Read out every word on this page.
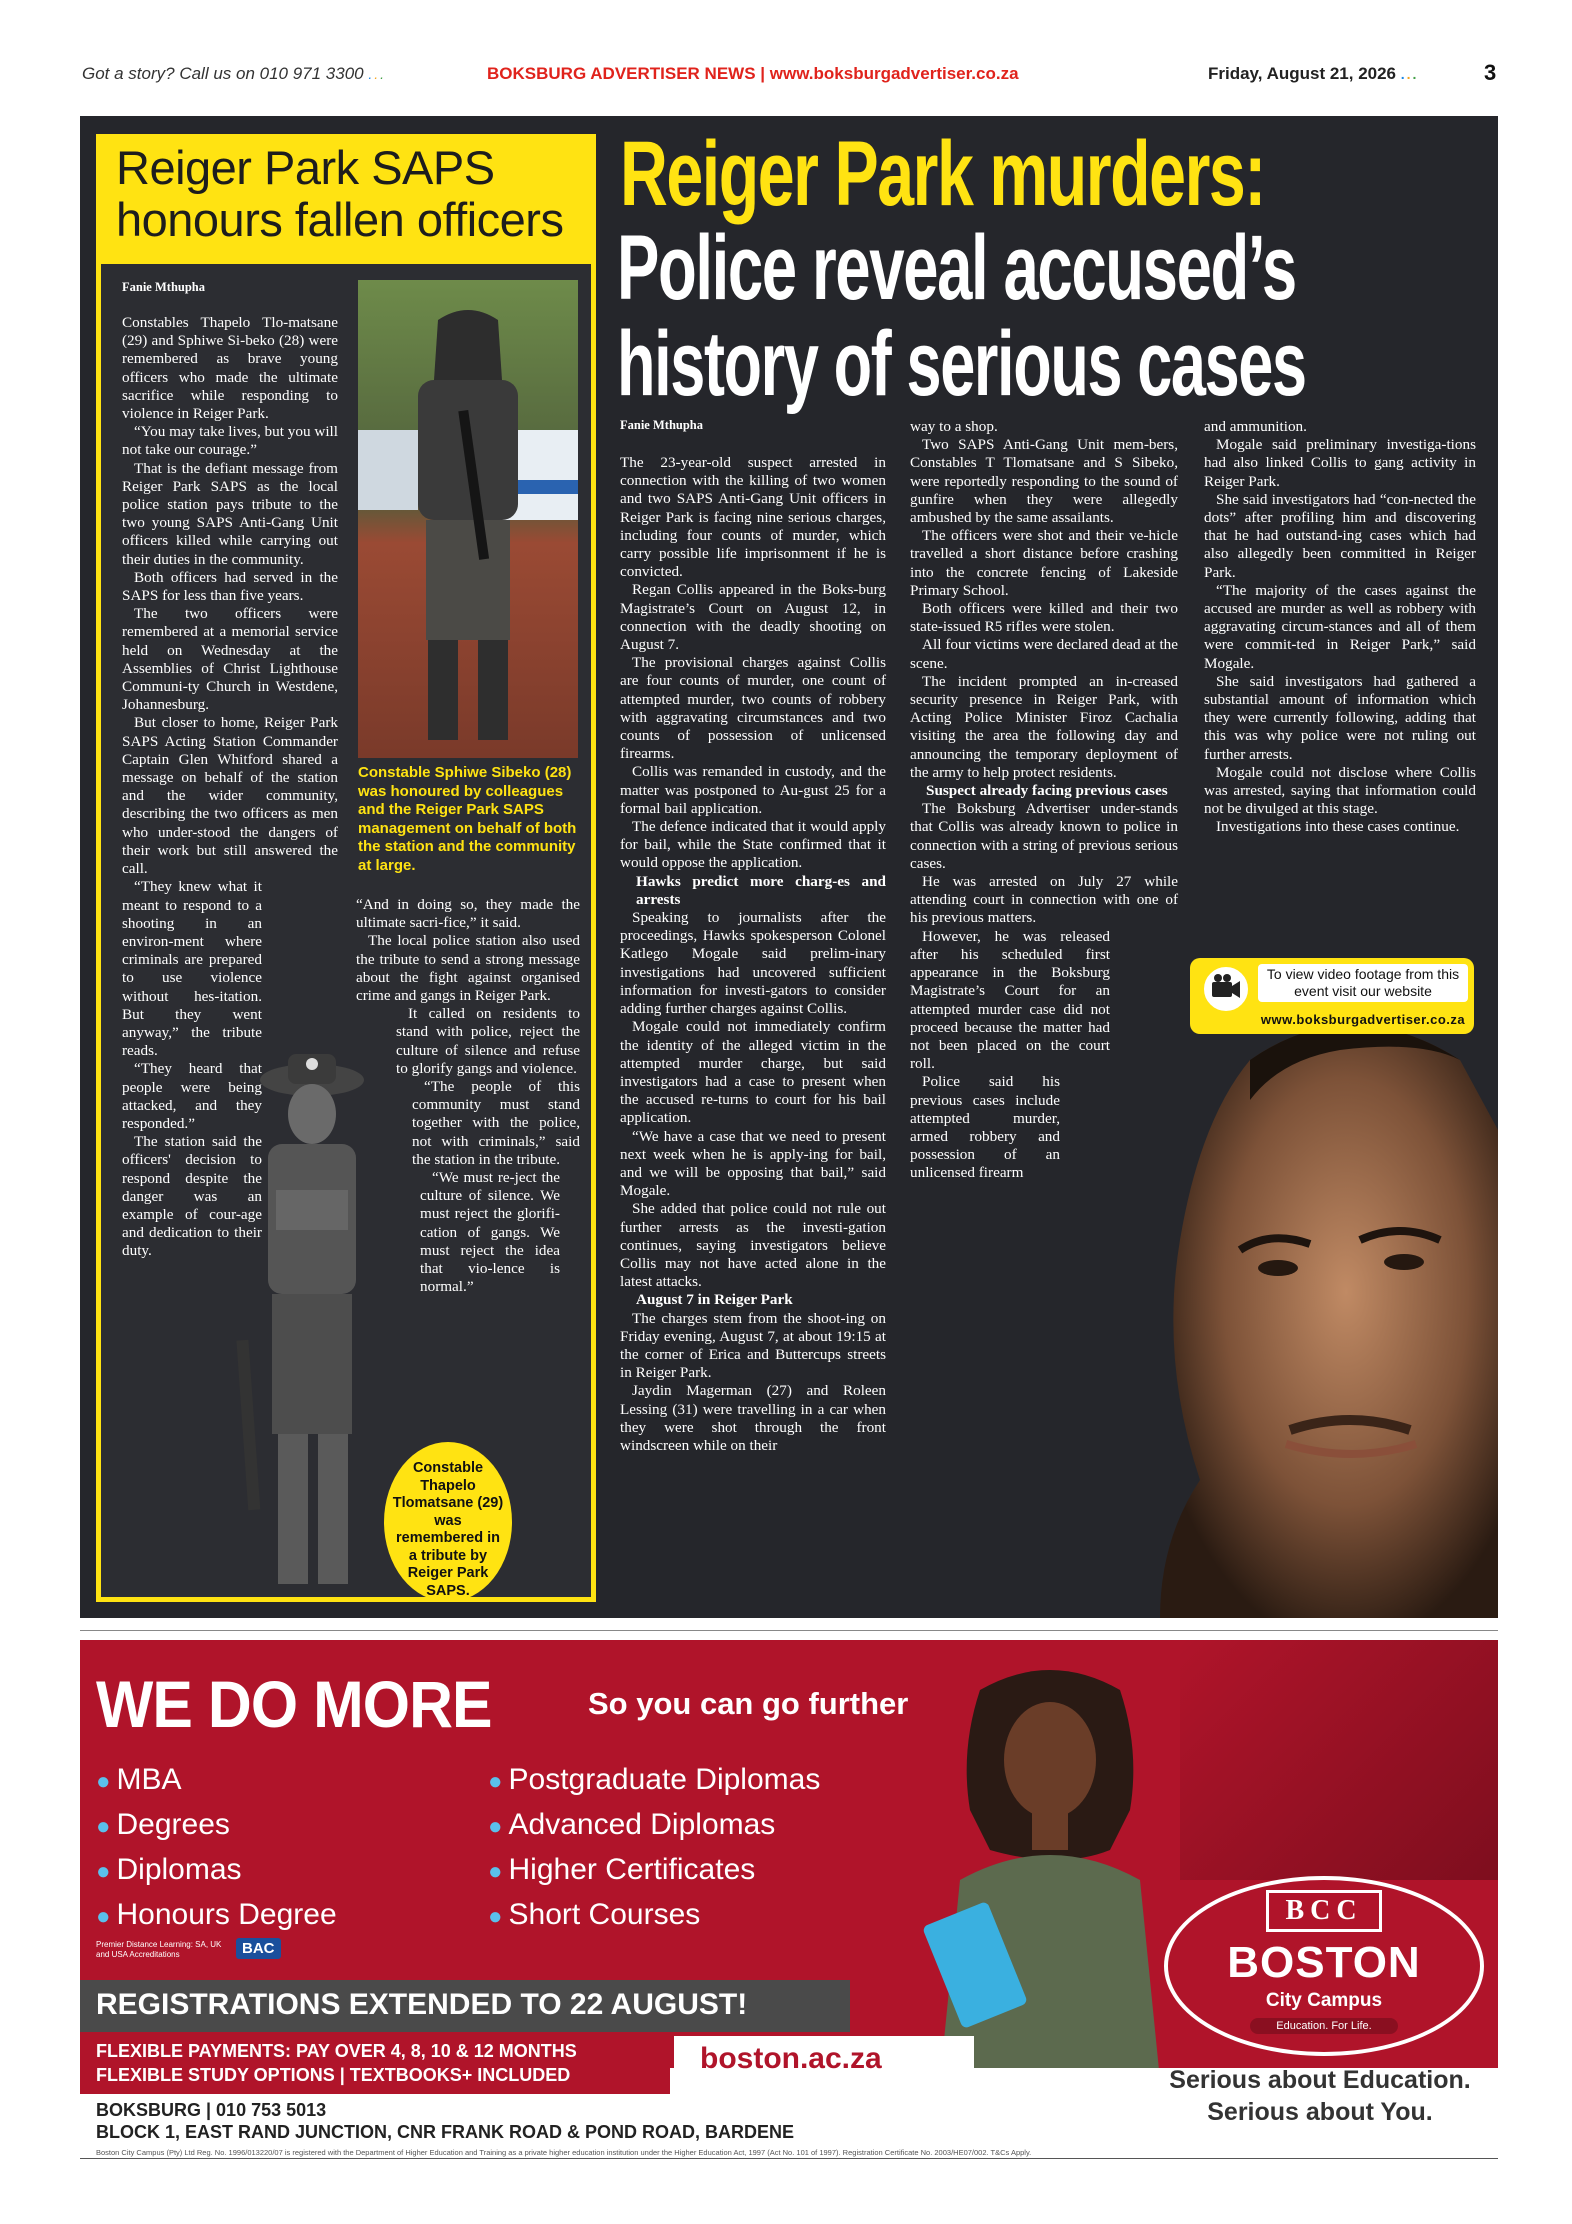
Got a story? Call us on 010 971 3300 ...	BOKSBURG ADVERTISER NEWS | www.boksburgadvertiser.co.za	Friday, August 21, 2026 ...	3
Reiger Park SAPS
honours fallen officers
Fanie Mthupha
Constable Sphiwe Sibeko (28) was honoured by colleagues and the Reiger Park SAPS management on behalf of both the station and the community at large.

Constables Thapelo Tlo-matsane (29) and Sphiwe Si-beko (28) were remembered as brave young officers who made the ultimate sacrifice while responding to violence in Reiger Park.

“You may take lives, but you will not take our courage.”

That is the defiant message from Reiger Park SAPS as the local police station pays tribute to the two young SAPS Anti-Gang Unit officers killed while carrying out their duties in the community.

Both officers had served in the SAPS for less than five years.

The two officers were remembered at a memorial service held on Wednesday at the Assemblies of Christ Lighthouse Communi-ty Church in Westdene, Johannesburg.

But closer to home, Reiger Park SAPS Acting Station Commander Captain Glen Whitford shared a message on behalf of the station and the wider community, describing the two officers as men who under-stood the dangers of their work but still answered the call.

“They knew what it meant to respond to a shooting in an environ-ment where criminals are prepared to use violence without hes-itation. But they went anyway,” the tribute reads.

“They heard that people were being attacked, and they responded.”

The station said the officers' decision to respond despite the danger was an example of cour-age and dedication to their duty.

“And in doing so, they made the ultimate sacri-fice,” it said.

The local police station also used the tribute to send a strong message about the fight against organised crime and gangs in Reiger Park.

It called on residents to stand with police, reject the culture of silence and refuse to glorify gangs and violence.

“The people of this community must stand together with the police, not with criminals,” said the station in the tribute.

“We must re-ject the culture of silence. We must reject the glorifi-cation of gangs. We must reject the idea that vio-lence is normal.”

Constable Thapelo Tlomatsane (29) was remembered in a tribute by Reiger Park SAPS.
Reiger Park murders:
Police reveal accused’s
history of serious cases
Fanie Mthupha

The 23-year-old suspect arrested in connection with the killing of two women and two SAPS Anti-Gang Unit officers in Reiger Park is facing nine serious charges, including four counts of murder, which carry possible life imprisonment if he is convicted.

Regan Collis appeared in the Boks-burg Magistrate’s Court on August 12, in connection with the deadly shooting on August 7.

The provisional charges against Collis are four counts of murder, one count of attempted murder, two counts of robbery with aggravating circumstances and two counts of possession of unlicensed firearms.

Collis was remanded in custody, and the matter was postponed to Au-gust 25 for a formal bail application.

The defence indicated that it would apply for bail, while the State confirmed that it would oppose the application.

Hawks predict more charg-es and arrests

Speaking to journalists after the proceedings, Hawks spokesperson Colonel Katlego Mogale said prelim-inary investigations had uncovered sufficient information for investi-gators to consider adding further charges against Collis.

Mogale could not immediately confirm the identity of the alleged victim in the attempted murder charge, but said investigators had a case to present when the accused re-turns to court for his bail application.

“We have a case that we need to present next week when he is apply-ing for bail, and we will be opposing that bail,” said Mogale.

She added that police could not rule out further arrests as the investi-gation continues, saying investigators believe Collis may not have acted alone in the latest attacks.

August 7 in Reiger Park

The charges stem from the shoot-ing on Friday evening, August 7, at about 19:15 at the corner of Erica and Buttercups streets in Reiger Park.

Jaydin Magerman (27) and Roleen Lessing (31) were travelling in a car when they were shot through the front windscreen while on their

way to a shop.

Two SAPS Anti-Gang Unit mem-bers, Constables T Tlomatsane and S Sibeko, were reportedly responding to the sound of gunfire when they were allegedly ambushed by the same assailants.

The officers were shot and their ve-hicle travelled a short distance before crashing into the concrete fencing of Lakeside Primary School.

Both officers were killed and their two state-issued R5 rifles were stolen.

All four victims were declared dead at the scene.

The incident prompted an in-creased security presence in Reiger Park, with Acting Police Minister Firoz Cachalia visiting the area the following day and announcing the temporary deployment of the army to help protect residents.

Suspect already facing previous cases

The Boksburg Advertiser under-stands that Collis was already known to police in connection with a string of previous serious cases.

He was arrested on July 27 while attending court in connection with one of his previous matters.

However, he was released after his scheduled first appearance in the Boksburg Magistrate’s Court for an attempted murder case did not proceed because the matter had not been placed on the court roll.

Police said his previous cases include attempted murder, armed robbery and possession of an unlicensed firearm

and ammunition.

Mogale said preliminary investiga-tions had also linked Collis to gang activity in Reiger Park.

She said investigators had “con-nected the dots” after profiling him and discovering that he had outstand-ing cases which had also allegedly been committed in Reiger Park.

“The majority of the cases against the accused are murder as well as robbery with aggravating circum-stances and all of them were commit-ted in Reiger Park,” said Mogale.

She said investigators had gathered a substantial amount of information which they were currently following, adding that this was why police were not ruling out further arrests.

Mogale could not disclose where Collis was arrested, saying that information could not be divulged at this stage.

Investigations into these cases continue.

To view video footage from this event visit our website
www.boksburgadvertiser.co.za
WE DO MORE	So you can go further
● MBA
● Degrees
● Diplomas
● Honours Degree
● Postgraduate Diplomas
● Advanced Diplomas
● Higher Certificates
● Short Courses
Premier Distance Learning: SA, UK and USA Accreditations	BAC
REGISTRATIONS EXTENDED TO 22 AUGUST!
FLEXIBLE PAYMENTS: PAY OVER 4, 8, 10 & 12 MONTHS
FLEXIBLE STUDY OPTIONS | TEXTBOOKS+ INCLUDED	boston.ac.za
BOKSBURG | 010 753 5013
BLOCK 1, EAST RAND JUNCTION, CNR FRANK ROAD & POND ROAD, BARDENE
Boston City Campus (Pty) Ltd Reg. No. 1996/013220/07 is registered with the Department of Higher Education and Training as a private higher education institution under the Higher Education Act, 1997 (Act No. 101 of 1997). Registration Certificate No. 2003/HE07/002. T&Cs Apply.
BCC
BOSTON
City Campus
Education. For Life.
Serious about Education.
Serious about You.
